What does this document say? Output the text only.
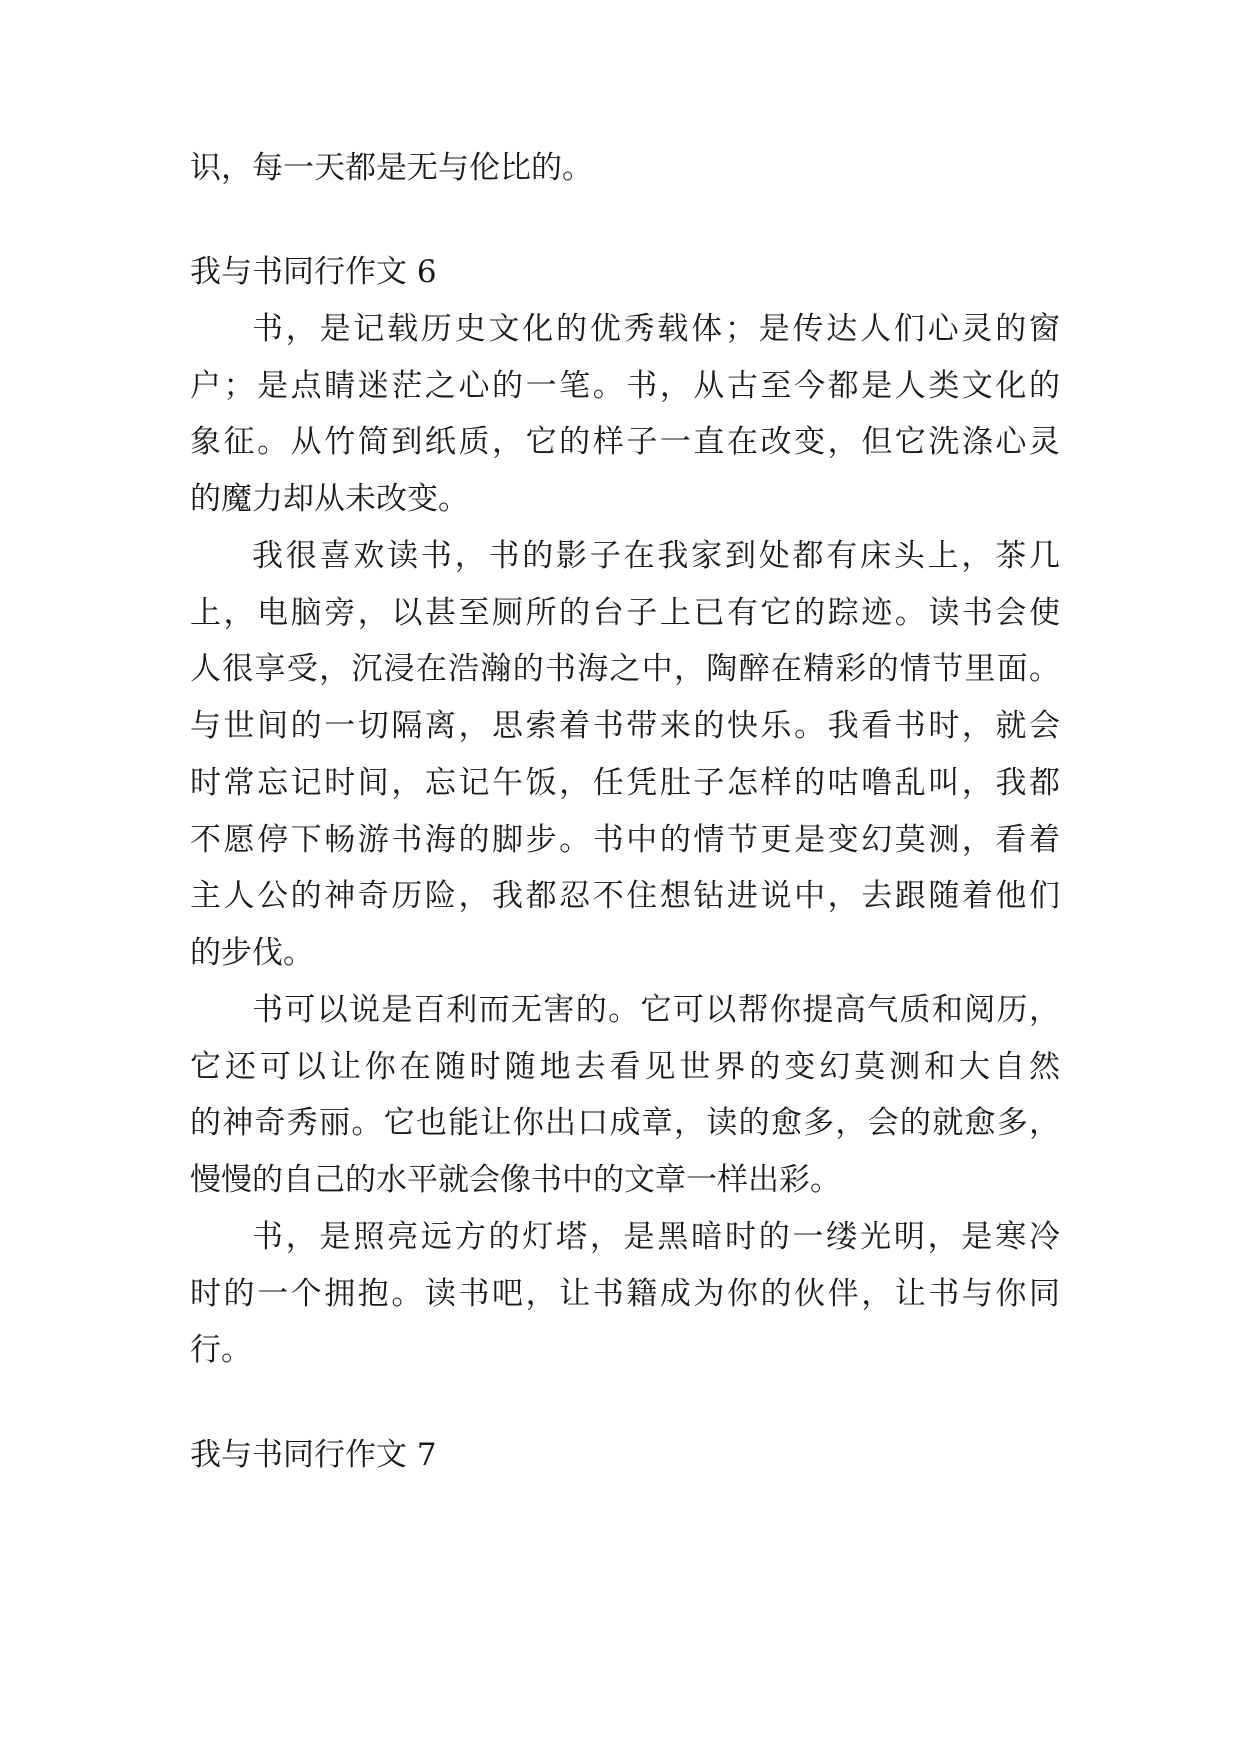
识，每一天都是无与伦比的。
我与书同行作文 6
书，是记载历史文化的优秀载体；是传达人们心灵的窗
户；是点睛迷茫之心的一笔。书，从古至今都是人类文化的
象征。从竹简到纸质，它的样子一直在改变，但它洗涤心灵
的魔力却从未改变。
我很喜欢读书，书的影子在我家到处都有床头上，茶几
上，电脑旁，以甚至厕所的台子上已有它的踪迹。读书会使
人很享受，沉浸在浩瀚的书海之中，陶醉在精彩的情节里面。
与世间的一切隔离，思索着书带来的快乐。我看书时，就会
时常忘记时间，忘记午饭，任凭肚子怎样的咕噜乱叫，我都
不愿停下畅游书海的脚步。书中的情节更是变幻莫测，看着
主人公的神奇历险，我都忍不住想钻进说中，去跟随着他们
的步伐。
书可以说是百利而无害的。它可以帮你提高气质和阅历，
它还可以让你在随时随地去看见世界的变幻莫测和大自然
的神奇秀丽。它也能让你出口成章，读的愈多，会的就愈多，
慢慢的自己的水平就会像书中的文章一样出彩。
书，是照亮远方的灯塔，是黑暗时的一缕光明，是寒冷
时的一个拥抱。读书吧，让书籍成为你的伙伴，让书与你同
行。
我与书同行作文 7
